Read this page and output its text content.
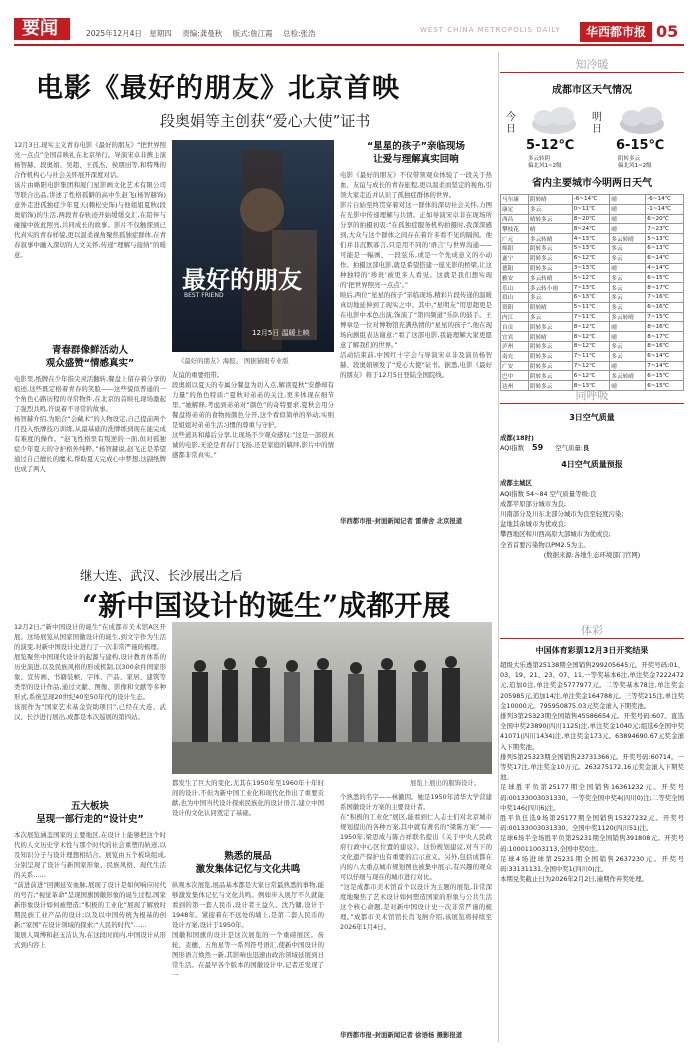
要闻	2025年12月4日 星期四 责编:龚曼秋 版式:詹江霞 总检:张浩	WEST CHINA METROPOLIS DAILY	华西都市报 05
电影《最好的朋友》北京首映
段奥娟等主创获“爱心大使”证书

12月3日,现实主义青春电影《最好的朋友》“把世界照亮一点点”全国首映礼在北京举行。导演宋卓非携主演杨智赫、段奥娟、吴超、王孤杰、侯朋田等,和特殊的合作机构心与社会关怀展开深度对话。

该片由略阳电影集团和厦门星影画文化艺术有限公司等联合出品,讲述了性格孤僻的高中生赵飞(杨智赫饰)意外走进孤独症少年夏天(赖松史饰)与他姐姐夏秋(段奥娟饰)的生活,两段青春轨迹开始缓缓交汇,在陪伴与碰撞中彼此照亮,共同成长的故事。影片不仅触探到已代真实的青春样貌,更以温柔视角聚焦孤独症群体,在青春叙事中融入深切的人文关怀,传递“理解与接纳”的暖意。

青春群像鲜活动人
观众盛赞“情感真实”

电影里,纸牌在少年指尖灵活翻转,餐盘上留存着分享的痕迹,这些既定格着青春的笑脸——这些貌似普通的一个角色心路历程的寻常物件,在北京的首映礼现场激起了强烈共鸣,许说着不寻常的故事。

杨智赫介绍,为贴合“会藏术”的人物设定,自己提前两个月投入纸牌技巧训练,从最基础的洗牌练到现在能完成有难度的操作。“赵飞性格里有叛逆的一面,但对孤独症少年夏天的守护格外纯粹。”杨智赫说,赵飞正是希望通过自己擅长的魔术,帮助夏天完成心中梦想,这副纸牌也成了两人

最好的朋友
BEST FRIEND
12月5日 温暖上映
《最好的朋友》海报。 图据猫眼专业版

友谊的重要纽带。

段奥娟以夏天的专属分餐盘为切入点,解读夏秋“安静却有力量”的角色特质:“夏秋对弟弟的关注,更多体现在细节里。”她解释,考虑到弟弟对“颜色”的奇特要求,夏秋会用分餐盘将弟弟的食物按颜色分开,这个看似简单的举动,实则是姐姐对弟弟生活习惯的尊重与守护。

这些道具和幕后分享,让现场不少观众感叹:“这是一部很真诚的电影,无论是青春门飞扬,还是家庭的羁绊,影片中的情感都非常真实。”

“星星的孩子”亲临现场
让爱与理解真实回响

电影《最好的朋友》不仅带领观众体验了一段关于热血、友谊与成长的青春旅程,更以温柔而坚定的视角,引领大家走近并认识了孤独症群体的世界。

影片自始至终贯穿着对这一群体的深切社会关怀,力图在光影中传递理解与共情。正如导演宋卓非在现场所分享的拍摄初衷:“在孤独症服务机构拍摄时,我深深感到,大众与这个群体之间存在着许多看不见的隔阂。他们并非沉默寡言,只是用不同的‘语言’与世界沟通——可能是一幅画、一段弦乐,或是一个先成意义的小动作。拍摄这部电影,就是希望搭建一座光影的桥梁,让这种独特的‘珍贵’被更多人看见。这就是我们想实现的‘把世界照亮一点点’。”

映后,两位“星星的孩子”亲临现场,精彩片段传递的温暖真切地延伸到了现实之中。其中,“星明友”用思超更是在电影中本色出演,饰演了“第四频道”乐队的鼓手。王博章是一位对博物馆充满热情的“星星的孩子”,他在现场向剧组表达谢意:“看了这部电影,我能理解大家更愿意了解我们的世界。”

活动结束前,中国红十字会与导演宋卓非及演员杨智赫、段奥娟颁发了“爱心大使”证书。据悉,电影《最好的朋友》将于12月5日登陆全国院线。

华西都市报-封面新闻记者 雷倩舍 北京报道
继大连、武汉、长沙展出之后
“新中国设计的诞生”成都开展

12月2日,“新中国设计的诞生”在成都市美术馆A区开展。这场展览从国家国徽设计的诞生,到文字作为生活的演变,对新中国设计史进行了一次非常严谨的梳理。

展览聚焦中国现代设计的起源与建构,设计教育体系的历史演进,以及民族风格的形成机制,以300余件国家形象、宣传画、书籍装帧、字体、产品、家居、建筑等类型的设计作品,通过文献、图像、影像和文献等多种形式,系统呈现20世纪40至50年代的设计生态。

该展作为“国家艺术基金资助项目”,已经在大连、武汉、长沙进行展出,成都是本次巡展的第四站。

五大板块
呈现一部行走的“设计史”

本次展览涵盖国家的主要地区,在设计上能够把这个时代的人文历史学术性与那个时代的社会重塑的轨迹,以及知识分子与设计理想相结合。展览由五个板块组成,分别呈现了设计与新国家形象、民族风格、现代生活的关系……

“前进前进”回溯延安血脉,展现了设计是如何响应时代的号召;“视觉革命”呈现国旗国徽形象的诞生过程,国家新形象设计如何被塑造;“积极的工业化”展现了解放时期民族工业产品的设计;以及以中国传统为根基的创新;“家国”在设计领域的探索;“人民的时代”……

策展人周博和赵玉洁认为,在这段时间内,中国设计从形式到内容上

展览上展出的服饰设计。

都发生了巨大的变化,尤其在1950年至1960年十年时间的设计,不但为新中国工业化和现代化作出了重要贡献,也为中国当代设计探索民族化的设计语言,建立中国设计的文化认同奠定了基础。

熟悉的展品
激发集体记忆与文化共鸣

纵观本次展览,展品基本都是大家日常最熟悉的事物,能够激发集体记忆与文化共鸣。例如步入展厅不久就能看到的第一套人民币,设计者王益久、沈乃镛,设计于1948年。紧接着在不远处的墙上,是第二套人民币的设计方案,设计于1950年。

国徽和国旗的设计是这次展览的一个重磅展区。齿轮、麦穗、五角星等一系列符号语汇,使新中国设计的图形语言焕然一新,其影响也迅速由政治领域延展到日常生活。在最早各个版本的国徽设计中,记者还发现了一

个熟悉的名字——林徽因。她是1950年清华大学营建系国徽设计方案的主要设计者。

在“积极的工业化”展区,能看到仁人志士们对北京城市规划提出的各种方案,其中就有著名的“梁陈方案”——1950年,梁思成与陈占祥联名提出《关于中央人民政府行政中心区位置的建议》。这份规划建议,对当下的文化遗产保护也有重要的启示意义。另外,包括成都在内的八大重点城市规划图也被集中展示,有兴趣的观众可以仔细与现在的城市进行对比。

“这是成都市美术馆首个以设计为主题的展览,非常深度地聚焦了艺术设计如何塑造国家的形象与公共生活这个核心命题,是对新中国设计史一次非常严谨的梳理。”成都市美术馆馆长肖飞舸介绍,该展览将持续至2026年1月4日。

华西都市报-封面新闻记者 徐语杨 摄影报道
知冷暖
成都市区天气情况
今日
5-12℃
多云转阴
偏北风1~2级
明日
6-15℃
阴转多云
偏北风1~2级
省内主要城市今明两日天气
马尔康	阴转晴	-6~14℃	晴	-6~14℃
康定	多云	0~11℃	晴	-1~14℃
西昌	晴转多云	8~20℃	晴	6~20℃
攀枝花	晴	8~24℃	晴	7~23℃
广元	多云转晴	4~13℃	多云转晴	5~13℃
绵阳	阴转多云	5~13℃	多云	6~13℃
遂宁	阴转多云	6~12℃	多云	6~14℃
德阳	阴转多云	3~13℃	晴	4~14℃
雅安	多云转晴	5~12℃	多云	6~15℃
乐山	多云转小雨	7~13℃	多云	8~17℃
眉山	多云	6~13℃	多云	7~16℃
资阳	阴转晴	5~11℃	多云	6~16℃
内江	多云	7~11℃	多云转晴	7~15℃
自贡	阴转多云	8~12℃	晴	8~16℃
宜宾	阴转晴	8~12℃	晴	8~17℃
泸州	阴转多云	8~12℃	多云	8~16℃
南充	阴转多云	7~11℃	多云	6~14℃
广安	阴转多云	7~12℃	晴	7~14℃
巴中	阴转多云	6~12℃	多云转晴	6~15℃
达州	阴转多云	8~13℃	晴	6~15℃
同呼吸
3日空气质量
成都(18时)
AQI指数 59 空气质量:良
4日空气质量预报
成都主城区
AQI指数 54~84 空气质量等级:良
成都平原部分城市为良;
川南部分及川东北部分城市为良至轻度污染;
盆地其余城市为优或良;
攀西地区和川西高原大部城市为优或良;
全省首要污染物以PM2.5为主。
(数据来源:各地生态环境部门官网)
体彩
中国体育彩票12月3日开奖结果
超级大乐透第25138期全国销售299205645元。开奖号码:01、03、19、21、23、07、11,一等奖基本6注,单注奖金7222472元,追加0注,单注奖金5777977元。二等奖基本78注,单注奖金205985元,追加14注,单注奖金164788元。三等奖215注,单注奖金10000元。795950875.03元奖金滚入下期奖池。
排列3第25323期全国销售45586654元。开奖号码:607。直选全国中奖23890(四川1125)注,单注奖金1040元;组选6全国中奖41071(四川1434)注,单注奖金173元。63894690.67元奖金滚入下期奖池。
排列5第25323期全国销售23731366元。开奖号码:60714。一等奖17注,单注奖金10万元。263275172.16元奖金滚入下期奖池。
足球胜平负第25177期全国销售16361232元。开奖号码:00133003031330。一等奖全国中奖4(四川0)注;二等奖全国中奖146(四川6)注。
胜平负任选9场第25177期全国销售15327232元。开奖号码:00133003031330。全国中奖1120(四川51)注。
足球6场半全场胜平负第25231期全国销售391808元。开奖号码:100011003113,全国中奖0注。
足球4场进球第25231期全国销售2637230元。开奖号码:33131131,全国中奖1(四川0)注。
本期兑奖截止日为2026年2月2日,逾期作弃奖处理。
